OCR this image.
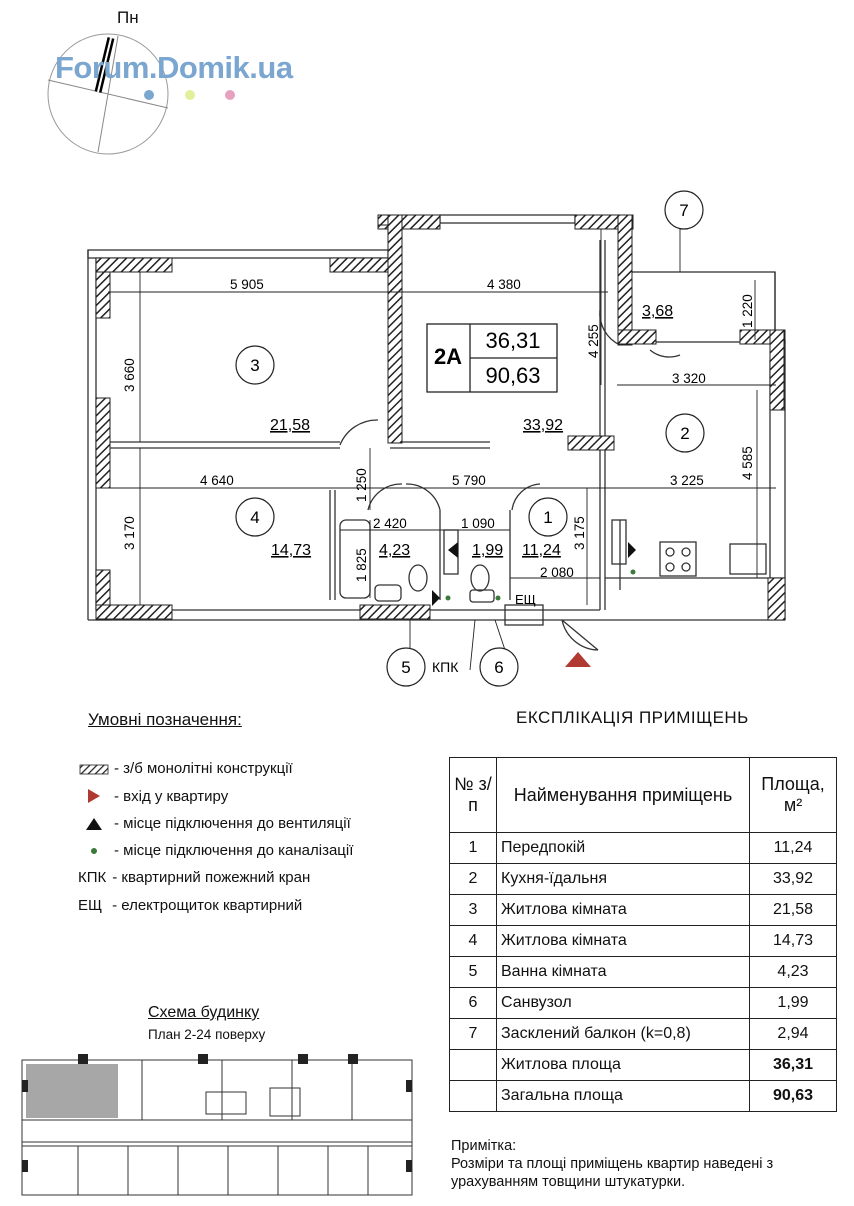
Пн
Forum.Domik.ua
3
2
4	1
5	6
7
2А
36,31
90,63
21,58	33,92
14,73	4,23	1,99 11,24
3,68
5 905	4 380
3 320
4 640	5 790	3 225
2 420	1 090
2 080
3 660
3 170
4 255
1 220
4 585
3 175
1 250
1 825
КПК
ЕЩ
Умовні позначення:
- з/б монолітні конструкції
- вхід у квартиру
- місце підключення до вентиляції
- місце підключення до каналізації
КПК - квартирний пожежний кран
ЕЩ - електрощиток квартирний
ЕКСПЛІКАЦІЯ ПРИМІЩЕНЬ
№ з/п	Найменування приміщень	Площа, м²
1	Передпокій	11,24
2	Кухня-їдальня	33,92
3	Житлова кімната	21,58
4	Житлова кімната	14,73
5	Ванна кімната	4,23
6	Санвузол	1,99
7	Засклений балкон (k=0,8)	2,94
	Житлова площа	36,31
	Загальна площа	90,63
Примітка:
Розміри та площі приміщень квартир наведені з
урахуванням товщини штукатурки.
Схема будинку
План 2-24 поверху
